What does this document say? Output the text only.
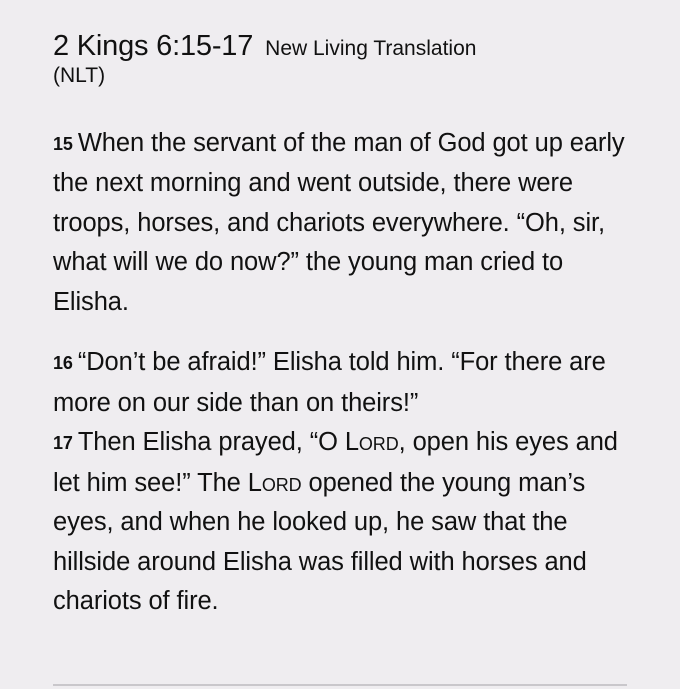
2 Kings 6:15-17 New Living Translation
(NLT)

15 When the servant of the man of God got up early the next morning and went outside, there were troops, horses, and chariots everywhere. “Oh, sir, what will we do now?” the young man cried to Elisha.

16 “Don’t be afraid!” Elisha told him. “For there are more on our side than on theirs!”
17 Then Elisha prayed, “O Lord, open his eyes and let him see!” The Lord opened the young man’s eyes, and when he looked up, he saw that the hillside around Elisha was filled with horses and chariots of fire.
